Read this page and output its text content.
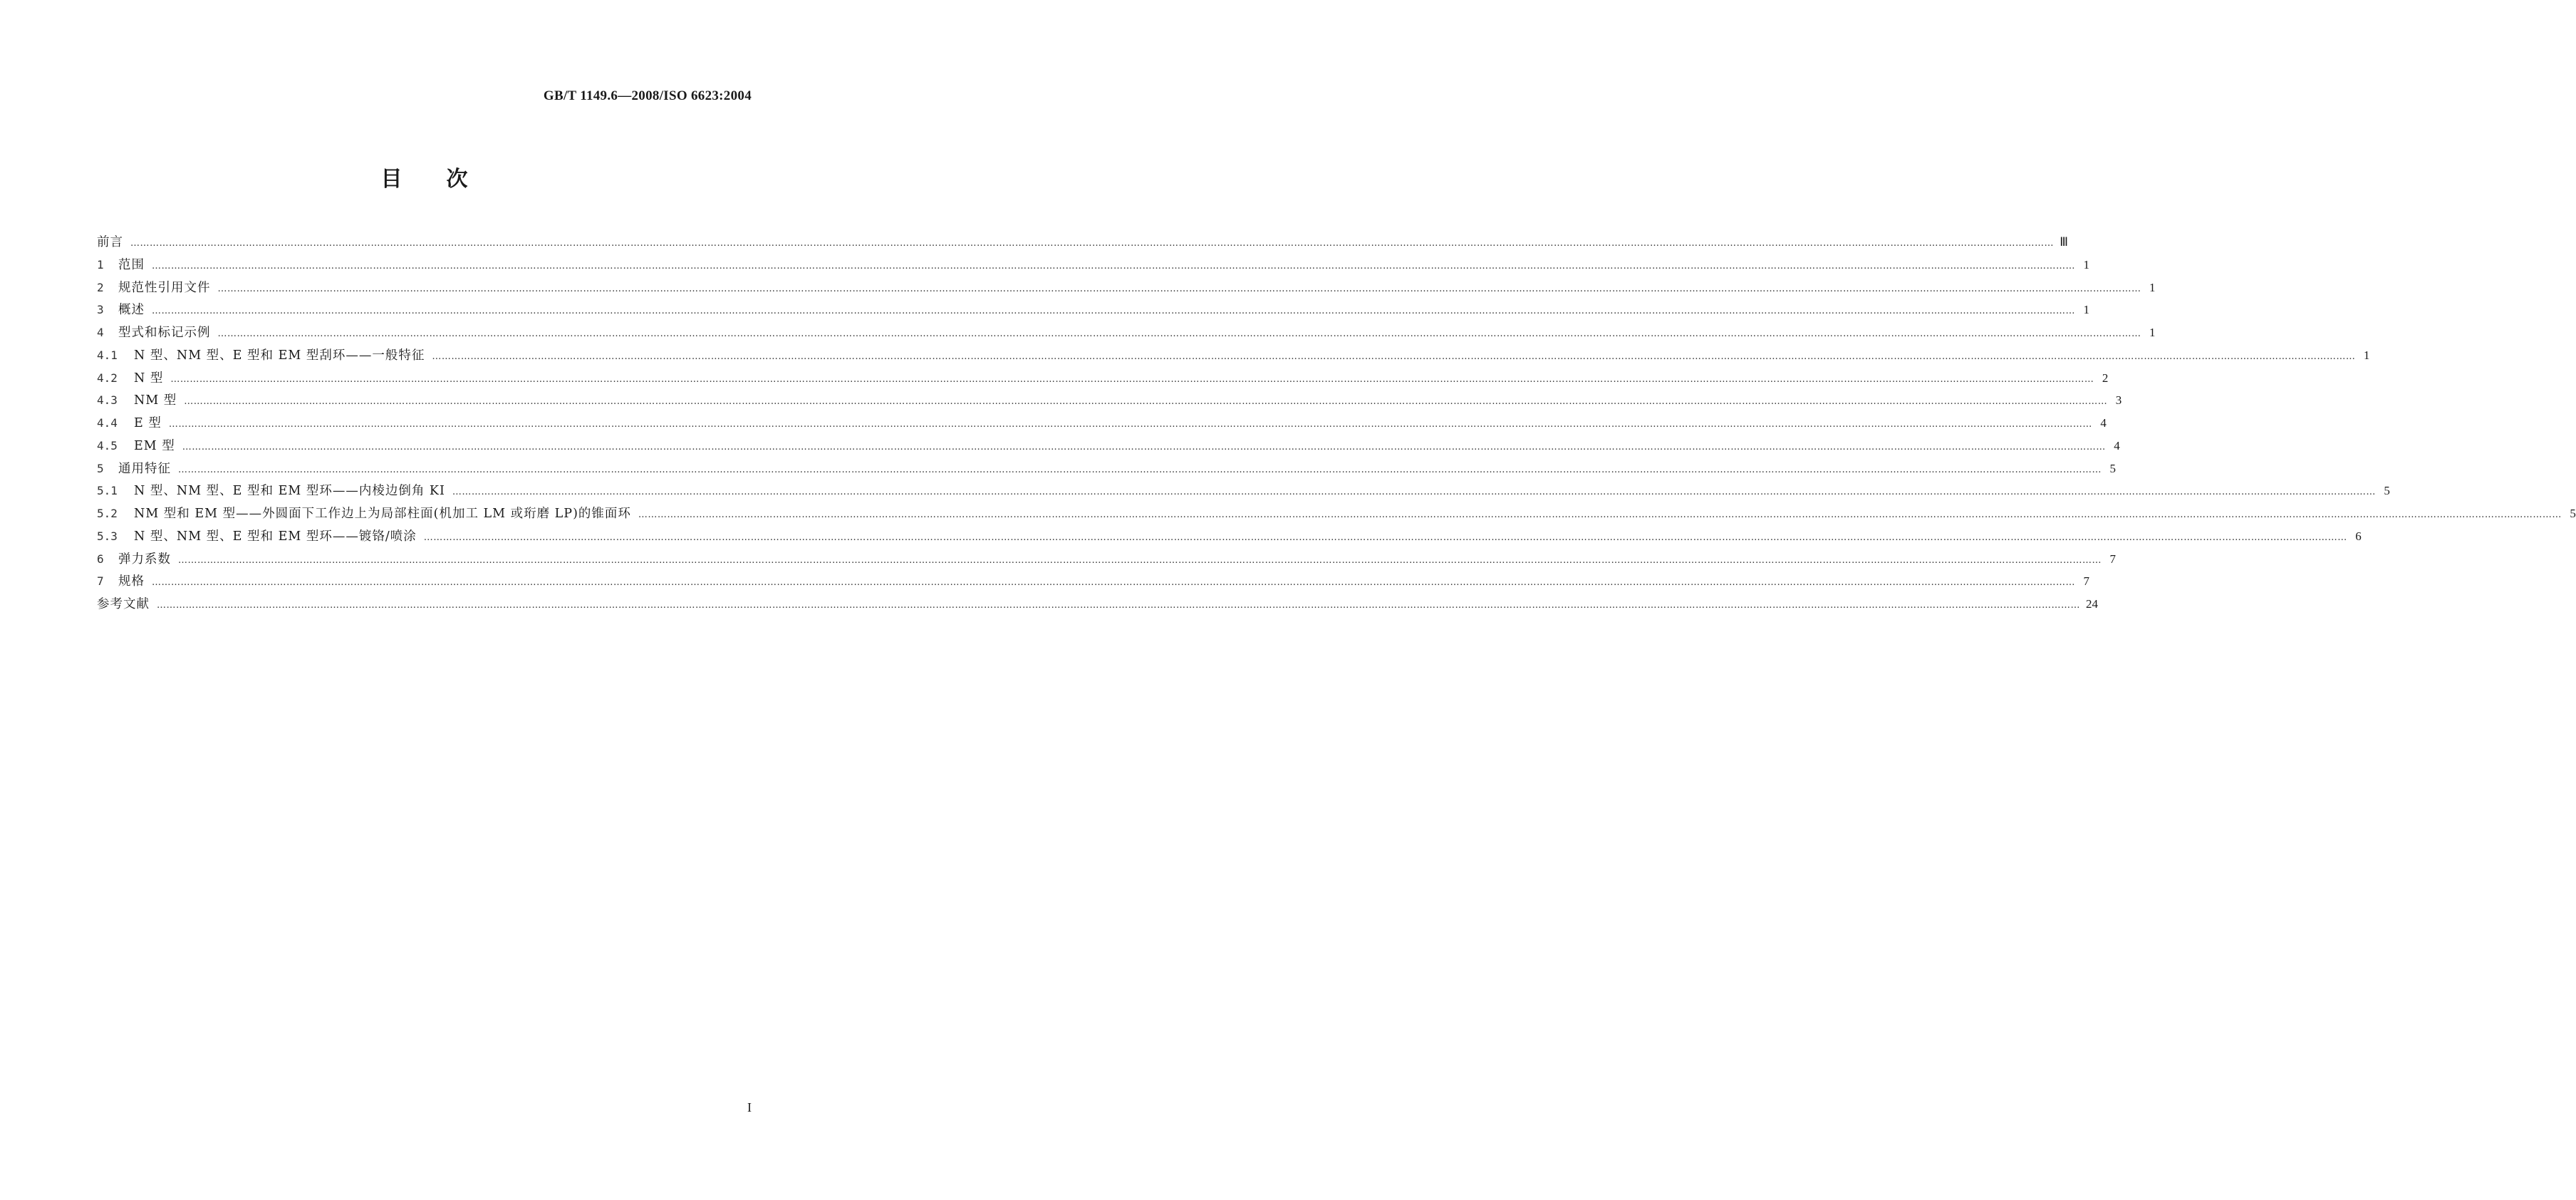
GB/T 1149.6—2008/ISO 6623:2004
目次
前言 …………………………………………………………………………………………………………………………………………………………………………………………………………………………………………………………………………………………………………………………………………………………………………………………………………………………………………………………………………………………………………………………………………………… Ⅲ
1	范围 …………………………………………………………………………………………………………………………………………………………………………………………………………………………………………………………………………………………………………………………………………………………………………………………………………………………………………………………………………………………………………………………………………………… 1
2	规范性引用文件 …………………………………………………………………………………………………………………………………………………………………………………………………………………………………………………………………………………………………………………………………………………………………………………………………………………………………………………………………………………………………………………………………………………… 1
3	概述 …………………………………………………………………………………………………………………………………………………………………………………………………………………………………………………………………………………………………………………………………………………………………………………………………………………………………………………………………………………………………………………………………………………… 1
4	型式和标记示例 …………………………………………………………………………………………………………………………………………………………………………………………………………………………………………………………………………………………………………………………………………………………………………………………………………………………………………………………………………………………………………………………………………………… 1
4.1	N 型、NM 型、E 型和 EM 型刮环——一般特征 …………………………………………………………………………………………………………………………………………………………………………………………………………………………………………………………………………………………………………………………………………………………………………………………………………………………………………………………………………………………………………………………………………………… 1
4.2	N 型 …………………………………………………………………………………………………………………………………………………………………………………………………………………………………………………………………………………………………………………………………………………………………………………………………………………………………………………………………………………………………………………………………………………… 2
4.3	NM 型 …………………………………………………………………………………………………………………………………………………………………………………………………………………………………………………………………………………………………………………………………………………………………………………………………………………………………………………………………………………………………………………………………………………… 3
4.4	E 型 …………………………………………………………………………………………………………………………………………………………………………………………………………………………………………………………………………………………………………………………………………………………………………………………………………………………………………………………………………………………………………………………………………………… 4
4.5	EM 型 …………………………………………………………………………………………………………………………………………………………………………………………………………………………………………………………………………………………………………………………………………………………………………………………………………………………………………………………………………………………………………………………………………………… 4
5	通用特征 …………………………………………………………………………………………………………………………………………………………………………………………………………………………………………………………………………………………………………………………………………………………………………………………………………………………………………………………………………………………………………………………………………………… 5
5.1	N 型、NM 型、E 型和 EM 型环——内棱边倒角 KI …………………………………………………………………………………………………………………………………………………………………………………………………………………………………………………………………………………………………………………………………………………………………………………………………………………………………………………………………………………………………………………………………………………… 5
5.2	NM 型和 EM 型——外圆面下工作边上为局部柱面(机加工 LM 或珩磨 LP)的锥面环 …………………………………………………………………………………………………………………………………………………………………………………………………………………………………………………………………………………………………………………………………………………………………………………………………………………………………………………………………………………………………………………………………………………… 5
5.3	N 型、NM 型、E 型和 EM 型环——镀铬/喷涂 …………………………………………………………………………………………………………………………………………………………………………………………………………………………………………………………………………………………………………………………………………………………………………………………………………………………………………………………………………………………………………………………………………………… 6
6	弹力系数 …………………………………………………………………………………………………………………………………………………………………………………………………………………………………………………………………………………………………………………………………………………………………………………………………………………………………………………………………………………………………………………………………………………… 7
7	规格 …………………………………………………………………………………………………………………………………………………………………………………………………………………………………………………………………………………………………………………………………………………………………………………………………………………………………………………………………………………………………………………………………………………… 7
参考文献 …………………………………………………………………………………………………………………………………………………………………………………………………………………………………………………………………………………………………………………………………………………………………………………………………………………………………………………………………………………………………………………………………………………… 24
I
